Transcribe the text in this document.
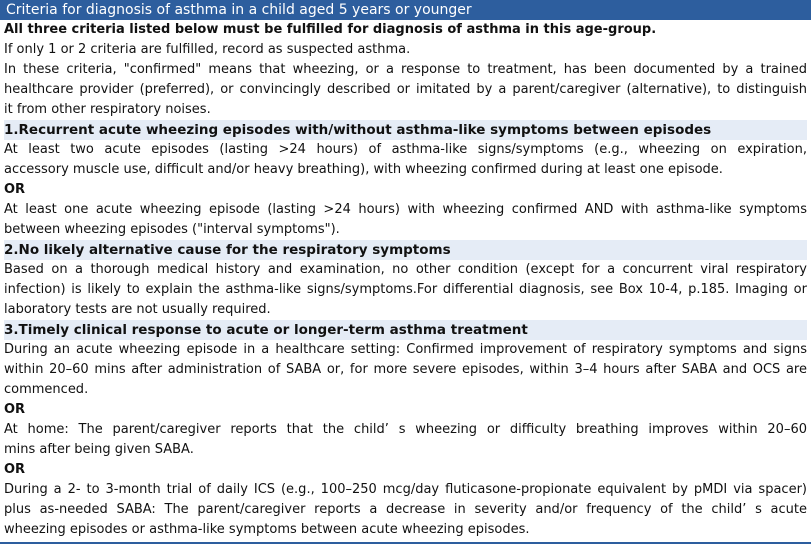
Criteria for diagnosis of asthma in a child aged 5 years or younger
All three criteria listed below must be fulfilled for diagnosis of asthma in this age-group.
If only 1 or 2 criteria are fulfilled, record as suspected asthma.
In these criteria, "confirmed" means that wheezing, or a response to treatment, has been documented by a trained
healthcare provider (preferred), or convincingly described or imitated by a parent/caregiver (alternative), to distinguish
it from other respiratory noises.
1.Recurrent acute wheezing episodes with/without asthma-like symptoms between episodes
At least two acute episodes (lasting >24 hours) of asthma-like signs/symptoms (e.g., wheezing on expiration,
accessory muscle use, difficult and/or heavy breathing), with wheezing confirmed during at least one episode.
OR
At least one acute wheezing episode (lasting >24 hours) with wheezing confirmed AND with asthma-like symptoms
between wheezing episodes ("interval symptoms").
2.No likely alternative cause for the respiratory symptoms
Based on a thorough medical history and examination, no other condition (except for a concurrent viral respiratory
infection) is likely to explain the asthma-like signs/symptoms.For differential diagnosis, see Box 10-4, p.185. Imaging or
laboratory tests are not usually required.
3.Timely clinical response to acute or longer-term asthma treatment
During an acute wheezing episode in a healthcare setting: Confirmed improvement of respiratory symptoms and signs
within 20–60 mins after administration of SABA or, for more severe episodes, within 3–4 hours after SABA and OCS are
commenced.
OR
At home: The parent/caregiver reports that the child’ s wheezing or difficulty breathing improves within 20–60
mins after being given SABA.
OR
During a 2- to 3-month trial of daily ICS (e.g., 100–250 mcg/day fluticasone-propionate equivalent by pMDI via spacer)
plus as-needed SABA: The parent/caregiver reports a decrease in severity and/or frequency of the child’ s acute
wheezing episodes or asthma-like symptoms between acute wheezing episodes.
